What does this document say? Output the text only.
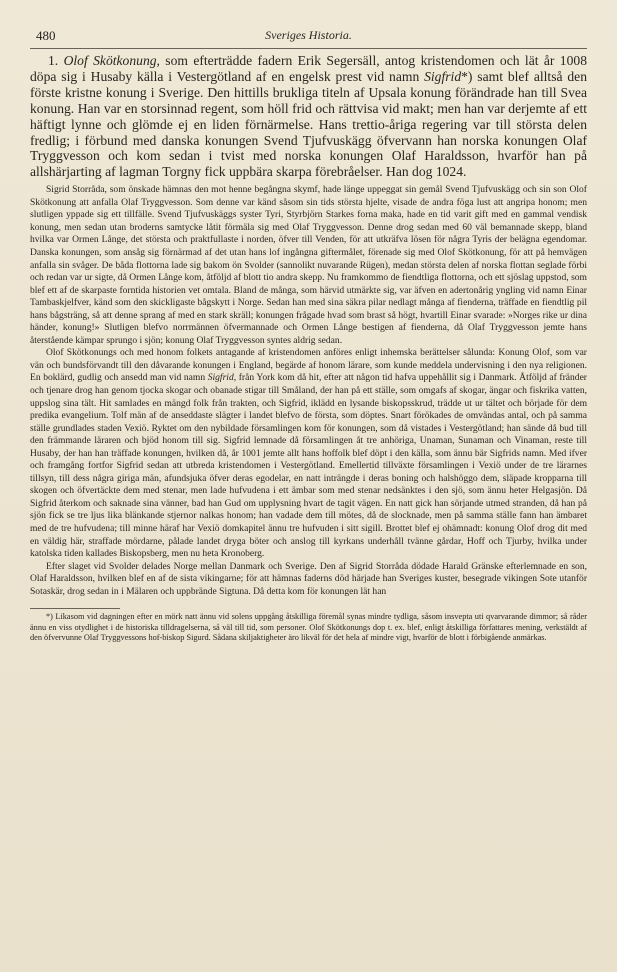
480	Sveriges Historia.

1. Olof Skötkonung, som efterträdde fadern Erik Segersäll, antog kristendomen och lät år 1008 döpa sig i Husaby källa i Vestergötland af en engelsk prest vid namn Sigfrid*) samt blef alltså den förste kristne konung i Sverige. Den hittills brukliga titeln af Upsala konung förändrade han till Svea konung. Han var en storsinnad regent, som höll frid och rättvisa vid makt; men han var derjemte af ett häftigt lynne och glömde ej en liden förnärmelse. Hans trettio-åriga regering var till största delen fredlig; i förbund med danska konungen Svend Tjufvuskägg öfvervann han norska konungen Olaf Tryggvesson och kom sedan i tvist med norska konungen Olaf Haraldsson, hvarför han på allshärjarting af lagman Torgny fick uppbära skarpa förebråelser. Han dog 1024.

Sigrid Storråda, som önskade hämnas den mot henne begångna skymf, hade länge uppeggat sin gemål Svend Tjufvuskägg och sin son Olof Skötkonung att anfalla Olaf Tryggvesson. Som denne var känd såsom sin tids största hjelte, visade de andra föga lust att angripa honom; men slutligen yppade sig ett tillfälle. Svend Tjufvuskäggs syster Tyri, Styrbjörn Starkes forna maka, hade en tid varit gift med en gammal vendisk konung, men sedan utan broderns samtycke låtit förmäla sig med Olaf Tryggvesson. Denne drog sedan med 60 väl bemannade skepp, bland hvilka var Ormen Långe, det största och praktfullaste i norden, öfver till Venden, för att utkräfva lösen för några Tyris der belägna egendomar. Danska konungen, som ansåg sig förnärmad af det utan hans lof ingångna giftermålet, förenade sig med Olof Skötkonung, för att på hemvägen anfalla sin svåger. De båda flottorna lade sig bakom ön Svolder (sannolikt nuvarande Rügen), medan största delen af norska flottan seglade förbi och redan var ur sigte, då Ormen Långe kom, åtföljd af blott tio andra skepp. Nu framkommo de fiendtliga flottorna, och ett sjöslag uppstod, som blef ett af de skarpaste forntida historien vet omtala. Bland de många, som härvid utmärkte sig, var äfven en adertonårig yngling vid namn Einar Tambaskjelfver, känd som den skickligaste bågskytt i Norge. Sedan han med sina säkra pilar nedlagt många af fienderna, träffade en fiendtlig pil hans bågsträng, så att denne sprang af med en stark skräll; konungen frågade hvad som brast så högt, hvartill Einar svarade: »Norges rike ur dina händer, konung!» Slutligen blefvo norrmännen öfvermannade och Ormen Långe bestigen af fienderna, då Olaf Tryggvesson jemte hans återstående kämpar sprungo i sjön; konung Olaf Tryggvesson syntes aldrig sedan.

Olof Skötkonungs och med honom folkets antagande af kristendomen anföres enligt inhemska berättelser sålunda: Konung Olof, som var vän och bundsförvandt till den dåvarande konungen i England, begärde af honom lärare, som kunde meddela undervisning i den nya religionen. En boklärd, gudlig och ansedd man vid namn Sigfrid, från York kom då hit, efter att någon tid hafva uppehållit sig i Danmark. Åtföljd af fränder och tjenare drog han genom tjocka skogar och obanade stigar till Småland, der han på ett ställe, som omgafs af skogar, ängar och fiskrika vatten, uppslog sina tält. Hit samlades en mängd folk från trakten, och Sigfrid, iklädd en lysande biskopsskrud, trädde ut ur tältet och började för dem predika evangelium. Tolf män af de anseddaste slägter i landet blefvo de första, som döptes. Snart förökades de omvändas antal, och på samma ställe grundlades staden Vexiö. Ryktet om den nybildade församlingen kom för konungen, som då vistades i Vestergötland; han sände då bud till den främmande läraren och bjöd honom till sig. Sigfrid lemnade då församlingen åt tre anhöriga, Unaman, Sunaman och Vinaman, reste till Husaby, der han han träffade konungen, hvilken då, år 1001 jemte allt hans hoffolk blef döpt i den källa, som ännu bär Sigfrids namn. Med ifver och framgång fortfor Sigfrid sedan att utbreda kristendomen i Vestergötland. Emellertid tillväxte församlingen i Vexiö under de tre lärarnes tillsyn, till dess några giriga män, afundsjuka öfver deras egodelar, en natt inträngde i deras boning och halshöggo dem, släpade kropparna till skogen och öfvertäckte dem med stenar, men lade hufvudena i ett ämbar som med stenar nedsänktes i den sjö, som ännu heter Helgasjön. Då Sigfrid återkom och saknade sina vänner, bad han Gud om upplysning hvart de tagit vägen. En natt gick han sörjande utmed stranden, då han på sjön fick se tre ljus lika blänkande stjernor nalkas honom; han vadade dem till mötes, då de slocknade, men på samma ställe fann han ämbaret med de tre hufvudena; till minne häraf har Vexiö domkapitel ännu tre hufvuden i sitt sigill. Brottet blef ej ohämnadt: konung Olof drog dit med en väldig här, straffade mördarne, pålade landet dryga böter och anslog till kyrkans underhåll tvänne gårdar, Hoff och Tjurby, hvilka under katolska tiden kallades Biskopsberg, men nu heta Kronoberg.

Efter slaget vid Svolder delades Norge mellan Danmark och Sverige. Den af Sigrid Storråda dödade Harald Gränske efterlemnade en son, Olaf Haraldsson, hvilken blef en af de sista vikingarne; för att hämnas faderns död härjade han Sveriges kuster, besegrade vikingen Sote utanför Sotaskär, drog sedan in i Mälaren och uppbrände Sigtuna. Då detta kom för konungen lät han

*) Likasom vid dagningen efter en mörk natt ännu vid solens uppgång åtskilliga föremål synas mindre tydliga, såsom insvepta uti qvarvarande dimmor; så råder ännu en viss otydlighet i de historiska tilldragelserna, så väl till tid, som personer. Olof Skötkonungs dop t. ex. blef, enligt åtskilliga författares mening, verkstäldt af den öfvervunne Olaf Tryggvessons hof-biskop Sigurd. Sådana skiljaktigheter äro likväl för det hela af mindre vigt, hvarför de blott i förbigående anmärkas.
